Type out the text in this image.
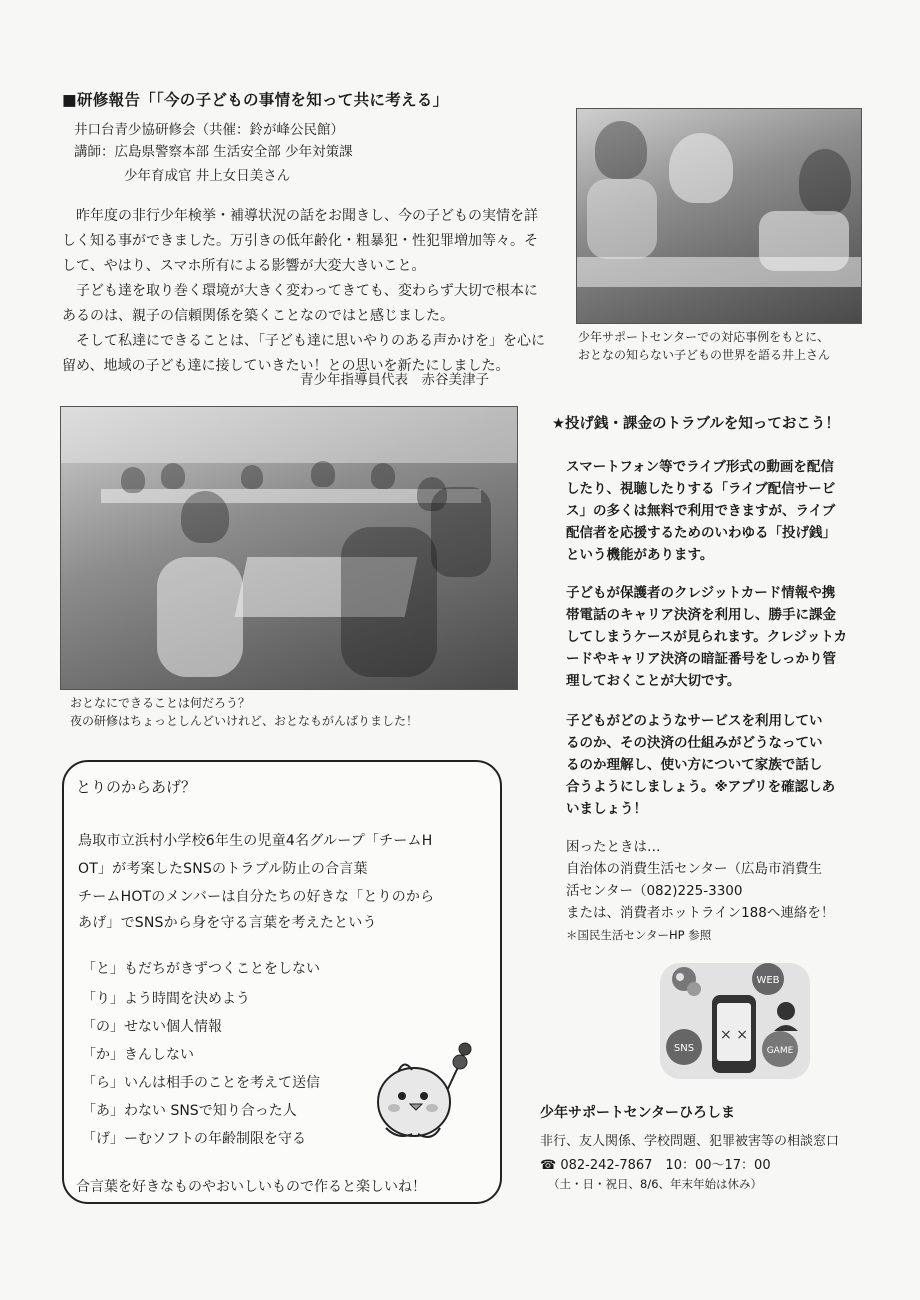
■研修報告「「今の子どもの事情を知って共に考える」
井口台青少協研修会（共催：鈴が峰公民館）
講師：広島県警察本部 生活安全部 少年対策課
少年育成官 井上女日美さん

昨年度の非行少年検挙・補導状況の話をお聞きし、今の子どもの実情を詳しく知る事ができました。万引きの低年齢化・粗暴犯・性犯罪増加等々。そして、やはり、スマホ所有による影響が大変大きいこと。

子ども達を取り巻く環境が大きく変わってきても、変わらず大切で根本にあるのは、親子の信頼関係を築くことなのではと感じました。

そして私達にできることは、「子ども達に思いやりのある声かけを」を心に留め、地域の子ども達に接していきたい！との思いを新たにしました。

青少年指導員代表　赤谷美津子
少年サポートセンターでの対応事例をもとに、
おとなの知らない子どもの世界を語る井上さん
おとなにできることは何だろう？
夜の研修はちょっとしんどいけれど、おとなもがんばりました！
とりのからあげ？
鳥取市立浜村小学校6年生の児童4名グループ「チームH
OT」が考案したSNSのトラブル防止の合言葉
チームHOTのメンバーは自分たちの好きな「とりのから
あげ」でSNSから身を守る言葉を考えたという
「と」もだちがきずつくことをしない
「り」よう時間を決めよう
「の」せない個人情報
「か」きんしない
「ら」いんは相手のことを考えて送信
「あ」わない SNSで知り合った人
「げ」ーむソフトの年齢制限を守る
合言葉を好きなものやおいしいもので作ると楽しいね！
★投げ銭・課金のトラブルを知っておこう！

スマートフォン等でライブ形式の動画を配信

したり、視聴したりする「ライブ配信サービ

ス」の多くは無料で利用できますが、ライブ

配信者を応援するためのいわゆる「投げ銭」

という機能があります。

子どもが保護者のクレジットカード情報や携

帯電話のキャリア決済を利用し、勝手に課金

してしまうケースが見られます。クレジットカ

ードやキャリア決済の暗証番号をしっかり管

理しておくことが大切です。

子どもがどのようなサービスを利用してい

るのか、その決済の仕組みがどうなってい

るのか理解し、使い方について家族で話し

合うようにしましょう。※アプリを確認しあ

いましょう！

困ったときは…

自治体の消費生活センター（広島市消費生

活センター（082)225-3300

または、消費者ホットライン188へ連絡を！

＊国民生活センターHP 参照

WEB
SNS	GAME
× ×
少年サポートセンターひろしま
非行、友人関係、学校問題、犯罪被害等の相談窓口
☎ 082-242-7867　10：00〜17：00
（土・日・祝日、8/6、年末年始は休み）
